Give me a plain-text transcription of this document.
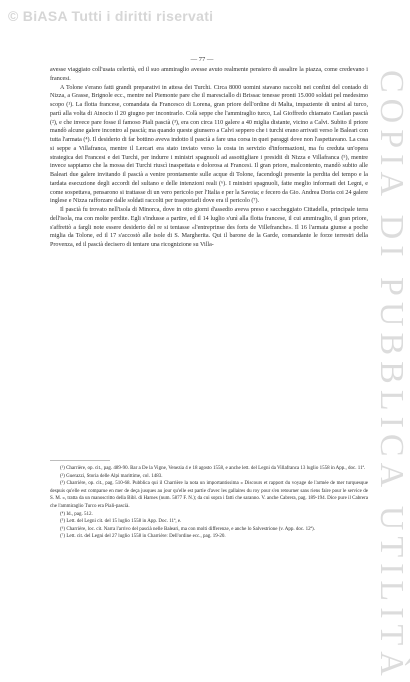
© BiASA Tutti i diritti riservati
COPIA DI PUBBLICA UTILITÀ
— 77 —

avesse viaggiato coll'usata celerità, ed il suo ammiraglio avesse avuto realmente pensiero di assalire la piazza, come credevano i francesi.

A Tolone s'erano fatti grandi preparativi in attesa dei Turchi. Circa 8000 uomini stavano raccolti nei confini del contado di Nizza, a Grasse, Brignole ecc., mentre nel Piemonte pare che il maresciallo di Brissac tenesse pronti 15.000 soldati pel medesimo scopo (¹). La flotta francese, comandata da Francesco di Lorena, gran priore dell'ordine di Malta, impaziente di unirsi al turco, partì alla volta di Ainocio il 20 giugno per incontrarlo. Colà seppe che l'ammiraglio turco, Lal Gioffredo chiamato Casilan pascià (²), e che invece pare fosse il famoso Piali pascià (³), era con circa 110 galere a 40 miglia distante, vicino a Calvi. Subito il priore mandò alcune galere incontro al pascià; ma quando queste giunsero a Calvi seppero che i turchi erano arrivati verso le Baleari con tutta l'armata (⁴). Il desiderio di far bottino aveva indotto il pascià a fare una corsa in quei paraggi dove non l'aspettavano. La cosa si seppe a Villafranca, mentre il Lercari era stato inviato verso la costa in servizio d'informazioni, ma fu creduta un'opera strategica dei Francesi e dei Turchi, per indurre i ministri spagnuoli ad assottigliare i presidii di Nizza e Villafranca (⁵), mentre invece sappiamo che la mossa dei Turchi riuscì inaspettata e dolorosa ai Francesi. Il gran priore, malcontento, mandò subito alle Baleari due galere invitando il pascià a venire prontamente sulle acque di Tolone, facendogli presente la perdita del tempo e la tardata esecuzione degli accordi del sultano e delle intenzioni reali (⁶). I ministri spagnuoli, fatte meglio informati dei Legni, e come sospettava, pensarono si trattasse di un vero pericolo per l'Italia e per la Savoia; e fecero da Gio. Andrea Doria coi 24 galere inglese e Nizza rafforzare dalle soldati raccolti per trasportarli dove era il pericolo (⁷).

Il pascià fu trovato nell'isola di Minorca, dove in otto giorni d'assedio aveva preso e saccheggiato Cittadella, principale terra dell'isola, ma con molte perdite. Egli s'indusse a partire, ed il 14 luglio s'unì alla flotta francese, il cui ammiraglio, il gran priore, s'affrettò a fargli note essere desiderio del re si tentasse «l'entreprinse des forts de Villefranche». Il 16 l'armata giunse a poche miglia da Tolone, ed il 17 s'accostò alle isole di S. Margherita. Qui il barone de la Garde, comandante le forze terrestri della Provenza, ed il pascià decisero di tentare una ricognizione su Villa-

(¹) Charrière, op. cit., pag. 489-90. Bar a De la Vigne, Venezia 4 e 18 agosto 1558, e anche lett. del Legni da Villafranca 13 luglio 1558 in App., doc. 11ª.

(²) Guerazzi, Storia delle Alpi marittime, col. 1483.

(³) Charrière, op. cit., pag. 510-68. Pubblica qui il Charrière la nota un importantissima « Discours et rapport du voyage de l'armée de mer turquesque despuis qu'elle est comparue en mer de deça jusques au jour qu'elle est partie d'avec les gallaires du roy pour s'en retourner sans riens faire pour le service de S. M. », tratta da un manoscritto della Bibl. di Harnes (num. 5877 F. N.); da cui sopra i fatti che saranno. V. anche Cabrera, pag. 189-194. Dice pure il Cabrera che l'ammiraglio Turco era Piali-pascià.

(⁴) Id., pag. 512.

(⁵) Lett. del Legni cit. del 15 luglio 1558 in App. Doc. 11ª, e.

(⁶) Charrière, loc. cit. Narra l'arrivo del pascià nelle Baleari, ma con molti differenze, e anche lo Salvestrione (v. App. doc. 12ª).

(⁷) Lett. cit. del Legni del 27 luglio 1558 in Charrière: Dell'ordine ecc., pag. 19-20.
